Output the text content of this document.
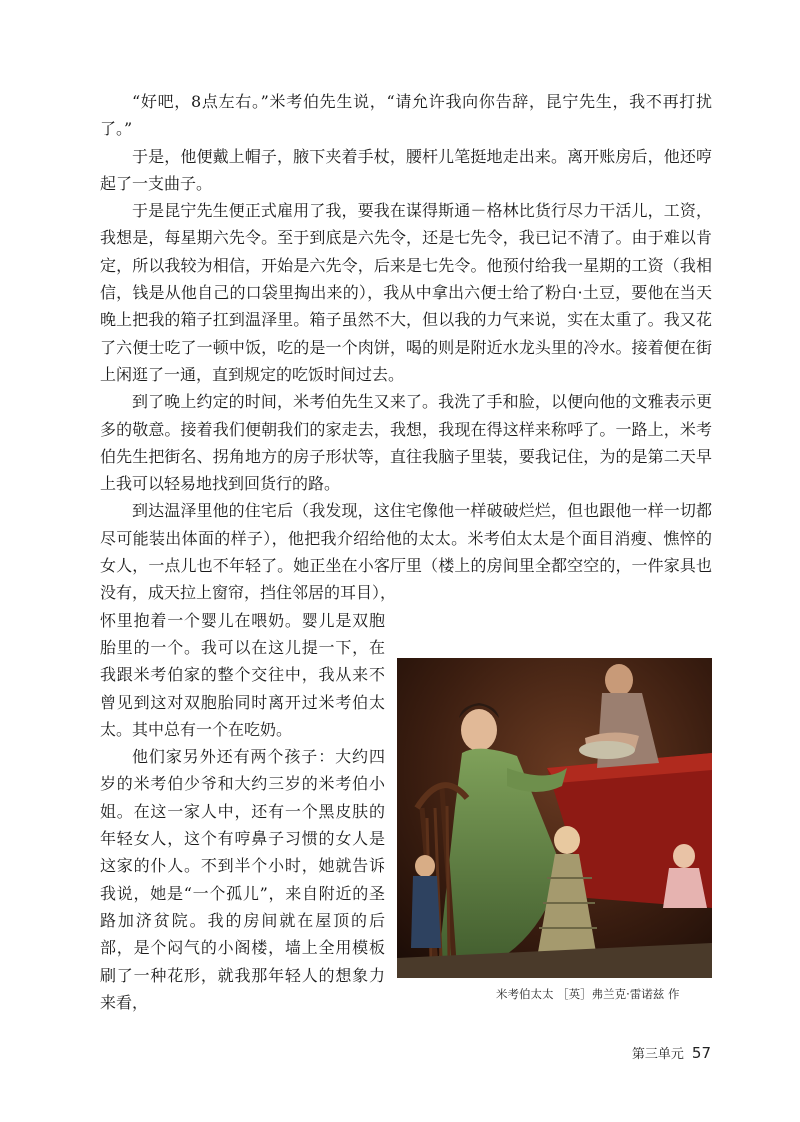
“好吧，8点左右。”米考伯先生说，“请允许我向你告辞，昆宁先生，我不再打扰了。”

于是，他便戴上帽子，腋下夹着手杖，腰杆儿笔挺地走出来。离开账房后，他还哼起了一支曲子。

于是昆宁先生便正式雇用了我，要我在谋得斯通－格林比货行尽力干活儿，工资，我想是，每星期六先令。至于到底是六先令，还是七先令，我已记不清了。由于难以肯定，所以我较为相信，开始是六先令，后来是七先令。他预付给我一星期的工资（我相信，钱是从他自己的口袋里掏出来的），我从中拿出六便士给了粉白·土豆，要他在当天晚上把我的箱子扛到温泽里。箱子虽然不大，但以我的力气来说，实在太重了。我又花了六便士吃了一顿中饭，吃的是一个肉饼，喝的则是附近水龙头里的冷水。接着便在街上闲逛了一通，直到规定的吃饭时间过去。

到了晚上约定的时间，米考伯先生又来了。我洗了手和脸，以便向他的文雅表示更多的敬意。接着我们便朝我们的家走去，我想，我现在得这样来称呼了。一路上，米考伯先生把街名、拐角地方的房子形状等，直往我脑子里装，要我记住，为的是第二天早上我可以轻易地找到回货行的路。

到达温泽里他的住宅后（我发现，这住宅像他一样破破烂烂，但也跟他一样一切都尽可能装出体面的样子），他把我介绍给他的太太。米考伯太太是个面目消瘦、憔悴的女人，一点儿也不年轻了。她正坐在小客厅里（楼上的房间里全都空空的，一件家具也没有，成天拉上窗帘，挡住邻居的耳目），

怀里抱着一个婴儿在喂奶。婴儿是双胞胎里的一个。我可以在这儿提一下，在我跟米考伯家的整个交往中，我从来不曾见到这对双胞胎同时离开过米考伯太太。其中总有一个在吃奶。

他们家另外还有两个孩子：大约四岁的米考伯少爷和大约三岁的米考伯小姐。在这一家人中，还有一个黑皮肤的年轻女人，这个有哼鼻子习惯的女人是这家的仆人。不到半个小时，她就告诉我说，她是“一个孤儿”，来自附近的圣路加济贫院。我的房间就在屋顶的后部，是个闷气的小阁楼，墙上全用模板刷了一种花形，就我那年轻人的想象力来看，	米考伯太太 ［英］弗兰克·雷诺兹 作
第三单元 57
